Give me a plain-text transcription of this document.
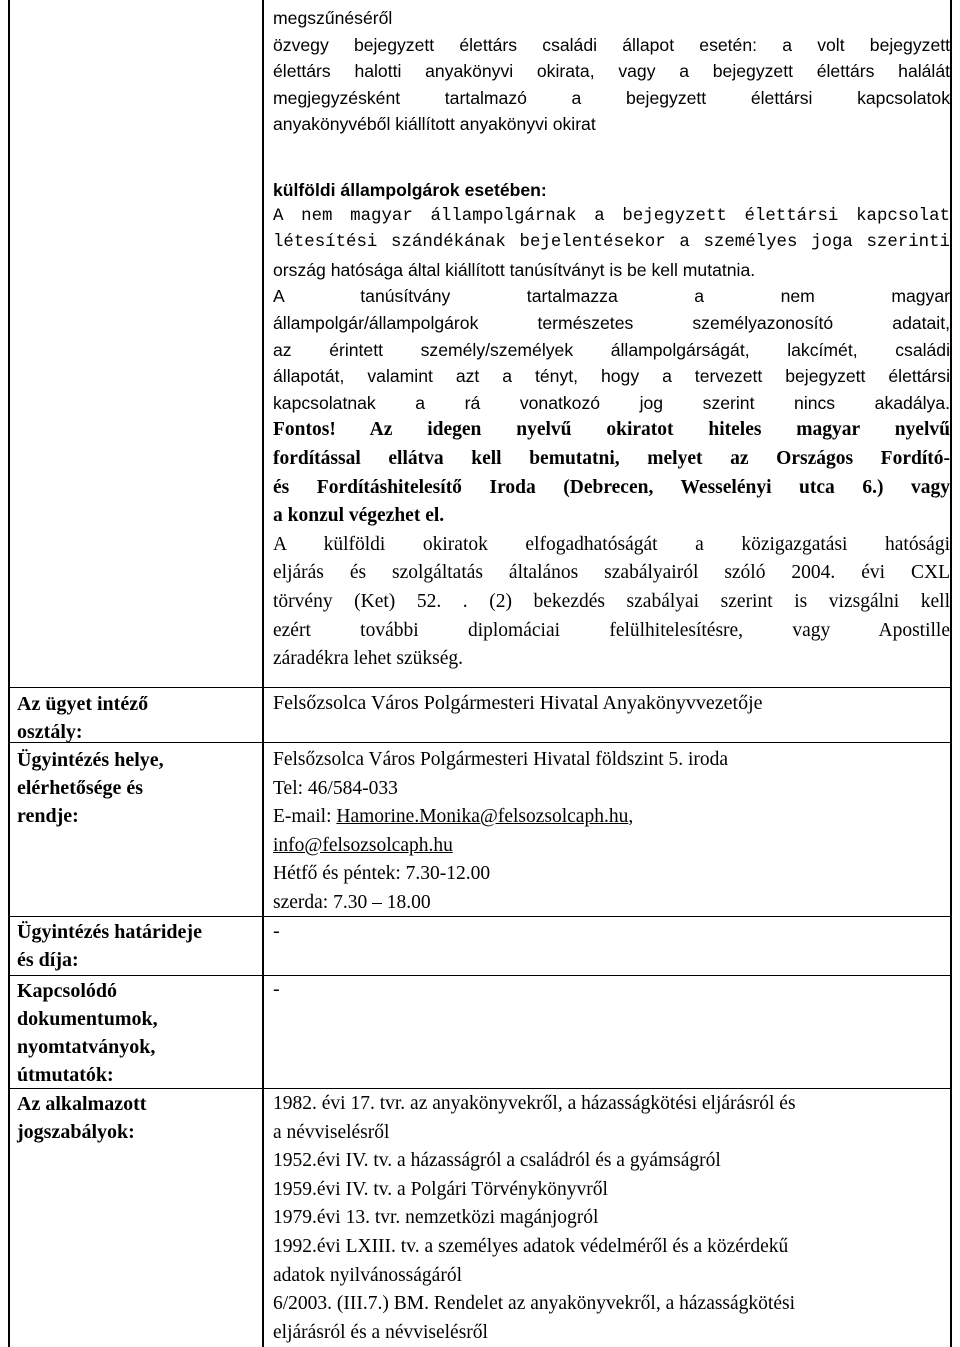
megszűnéséről
özvegy bejegyzett élettárs családi állapot esetén: a volt bejegyzett
élettárs halotti anyakönyvi okirata, vagy a bejegyzett élettárs halálát
megjegyzésként tartalmazó a bejegyzett élettársi kapcsolatok
anyakönyvéből kiállított anyakönyvi okirat
külföldi állampolgárok esetében:
A nem magyar állampolgárnak a bejegyzett élettársi kapcsolat
létesítési szándékának bejelentésekor a személyes joga szerinti
ország hatósága által kiállított tanúsítványt is be kell mutatnia.
A tanúsítvány tartalmazza a nem magyar
állampolgár/állampolgárok természetes személyazonosító adatait,
az érintett személy/személyek állampolgárságát, lakcímét, családi
állapotát, valamint azt a tényt, hogy a tervezett bejegyzett élettársi
kapcsolatnak a rá vonatkozó jog szerint nincs akadálya.
Fontos! Az idegen nyelvű okiratot hiteles magyar nyelvű
fordítással ellátva kell bemutatni, melyet az Országos Fordító-
és Fordításhitelesítő Iroda (Debrecen, Wesselényi utca 6.) vagy
a konzul végezhet el.
A külföldi okiratok elfogadhatóságát a közigazgatási hatósági
eljárás és szolgáltatás általános szabályairól szóló 2004. évi CXL
törvény (Ket) 52. . (2) bekezdés szabályai szerint is vizsgálni kell
ezért további diplomáciai felülhitelesítésre, vagy Apostille
záradékra lehet szükség.
Az ügyet intéző
osztály:
Felsőzsolca Város Polgármesteri Hivatal Anyakönyvvezetője
Ügyintézés helye,
elérhetősége és
rendje:
Felsőzsolca Város Polgármesteri Hivatal földszint 5. iroda
Tel: 46/584-033
E-mail: Hamorine.Monika@felsozsolcaph.hu,
info@felsozsolcaph.hu
Hétfő és péntek: 7.30-12.00
szerda: 7.30 – 18.00
Ügyintézés határideje
és díja:
-
Kapcsolódó
dokumentumok,
nyomtatványok,
útmutatók:
-
Az alkalmazott
jogszabályok:
1982. évi 17. tvr. az anyakönyvekről, a házasságkötési eljárásról és
a névviselésről
1952.évi IV. tv. a házasságról a családról és a gyámságról
1959.évi IV. tv. a Polgári Törvénykönyvről
1979.évi 13. tvr. nemzetközi magánjogról
1992.évi LXIII. tv. a személyes adatok védelméről és a közérdekű
adatok nyilvánosságáról
6/2003. (III.7.) BM. Rendelet az anyakönyvekről, a házasságkötési
eljárásról és a névviselésről
